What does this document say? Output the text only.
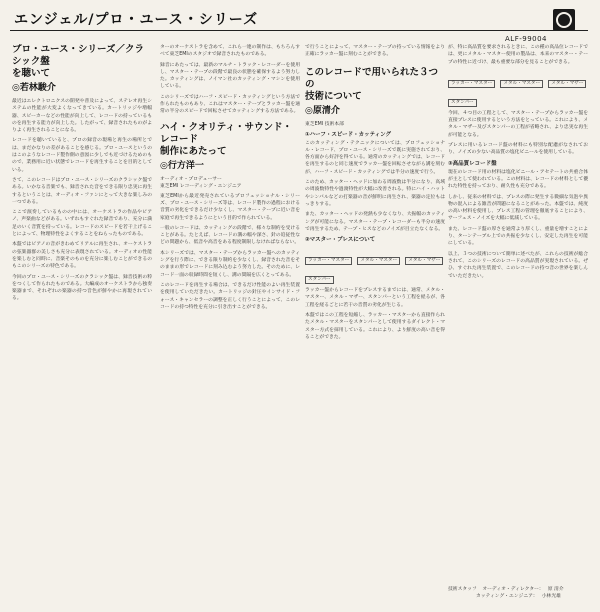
エンジェル/プロ・ユース・シリーズ
ALF-99004
プロ・ユース・シリーズ／クラシック盤
を聴いて
◎若林駿介

最近はエレクトロニクスの開発や普及によって、ステレオ再生システムの性能が大変よくなってきている。カートリッジや増幅器、スピーカーなどの性能が向上して、レコードの持っているものを再生する能力が向上した。したがって、録音されたものがよりよく再生されることになる。

レコードを聴いていると、プロの録音の現場と再生の場所とでは、まだかなりの差があることを感じる。プロ・ユースというのはこのようなレコード製作側の意図に少しでも近づけるためのもので、業務用に近い状態でレコードを再生することを目的としている。

さて、このレコードはプロ・ユース・シリーズのクラシック盤である。いかなる音楽でも、録音された音をできる限り忠実に再生するということは、オーディオ・ファンにとって大きな楽しみの一つである。

ここで演奏しているものの中には、オーケストラの作品やピアノ、声楽曲などがある。いずれもすぐれた録音であり、充分に満足のいく音質を持っている。レコードのスピードを若干上げることによって、物理特性をよくすることをねらったものである。

本盤ではピアノの音がきわめてリアルに再生され、オーケストラの弦楽器群の美しさも充分に表現されている。オーディオの性能を楽しむと同時に、音楽そのものを充分に楽しむことができるのもこのシリーズの特色である。

今回のプロ・ユース・シリーズのクラシック盤は、録音技術の粋をつくして作られたものである。大編成のオーケストラから独奏楽器まで、それぞれの楽器の持つ音色が鮮やかに再現されている。

ターのオーケストラを含めて、これら一連の制作は、もちろんすべて東芝EMIのスタジオで録音されたものである。

録音にあたっては、最新のマルチ・トラック・レコーダーを使用し、マスター・テープの段階で最良の状態を確保するよう努力した。カッティングは、ノイマン社のカッティング・マシンを使用している。

このシリーズではハーフ・スピード・カッティングという方法で作られたものもあり、これはマスター・テープとラッカー盤を通常の半分のスピードで回転させてカッティングする方法である。

ハイ・クオリティ・サウンド・レコード
制作にあたって
◎行方洋一
オーディオ・プロデューサー
東芝EMI レコーディング・エンジニア

東芝EMIから最近発売されているプロフェッショナル・シリーズ、プロ・ユース・シリーズ等は、レコード製作の過程における音質の劣化をできるだけ少なくし、マスター・テープに近い音を家庭で再生できるようにという目的で作られている。

一般のレコードは、カッティングの段階で、様々な制約を受けることがある。たとえば、レコードの溝の幅や深さ、針の追従性などの問題から、低音や高音をある程度制限しなければならない。

本シリーズでは、マスター・テープからラッカー盤へのカッティングを行う際に、できる限り制約を少なくし、録音された音をそのままの形でレコードに刻み込むよう努力した。そのために、レコード一面の収録時間を短くし、溝の間隔を広くとってある。

このレコードを再生する場合は、できるだけ性能のよい再生装置を使用していただきたい。カートリッジの針圧やインサイド・フォース・キャンセラーの調整を正しく行うことによって、このレコードの持つ特性を充分に引き出すことができる。

で行うことによって、マスター・テープの持っている情報をより正確にラッカー盤に刻むことができる。

このレコードで用いられた３つの
技術について
◎原清介
東芝EMI 技術本部
①ハーフ・スピード・カッティング

このカッティング・テクニックについては、プロフェッショナル・レコード、プロ・ユース・シリーズで既に実施されており、各方面から好評を得ている。通常のカッティングでは、レコードを再生するのと同じ速度でラッカー盤を回転させながら溝を刻むが、ハーフ・スピード・カッティングでは半分の速度で行う。

このため、カッター・ヘッドに加わる周波数は半分になり、高域の周波数特性や過渡特性が大幅に改善される。特にハイ・ハットやシンバルなどの打楽器の音が鮮明に再生され、楽器の定位もはっきりする。

また、カッター・ヘッドの発熱も少なくなり、大振幅のカッティングが可能になる。マスター・テープ・レコーダーも半分の速度で再生するため、テープ・ヒスなどのノイズが目立たなくなる。

②マスター・プレスについて
ラッカー・マスター メタル・マスター メタル・マザー スタンパー

ラッカー盤からレコードをプレスするまでには、通常、メタル・マスター、メタル・マザー、スタンパーという工程を経るが、各工程を経るごとに若干の音質の劣化が生じる。

本盤ではこの工程を短縮し、ラッカー・マスターから直接作られたメタル・マスターをスタンパーとして使用するダイレクト・マスター方式を採用している。これにより、より鮮度の高い音を得ることができた。

が、特に高品質を要求されるときに、この種の高品位レコードでは、更にメタル・マスター使用の製品は、本来のマスター・テープの特性に近づけ、最も重要な部分を見ることができる。

ラッカー・マスター メタル・マスター メタル・マザー スタンパー

今回、４つ目の工程として、マスター・テープからラッカー盤を直接プレスに使用するという方法をとっている。これにより、メタル・マザー及びスタンパーの工程が省略され、より忠実な再生が可能となる。

プレスに用いるレコード盤の材料にも特別な配慮がなされており、ノイズの少ない高品質の塩化ビニールを使用している。

③高品質レコード盤

現在のレコード用の材料は塩化ビニール・アセテートの共重合体が主として使われている。この材料は、レコードの材料として優れた特性を持っており、耐久性も充分である。

しかし、従来の材料では、プレスの際に発生する微細な気泡や異物の混入による雑音が問題になることがあった。本盤では、純度の高い材料を使用し、プレス工程の管理を徹底することにより、サーフェス・ノイズを大幅に低減している。

また、レコード盤の厚さを通常より厚くし、重量を増すことにより、ターンテーブル上での共振を少なくし、安定した再生を可能にしている。

以上、３つの技術について簡単に述べたが、これらの技術が総合されて、このシリーズのレコードの高品質が実現されている。ぜひ、すぐれた再生装置で、このレコードの持つ音の世界を楽しんでいただきたい。

技術スタッフ オーディオ・ディレクター： 原 清介
カッティング・エンジニア： 小林光雄
